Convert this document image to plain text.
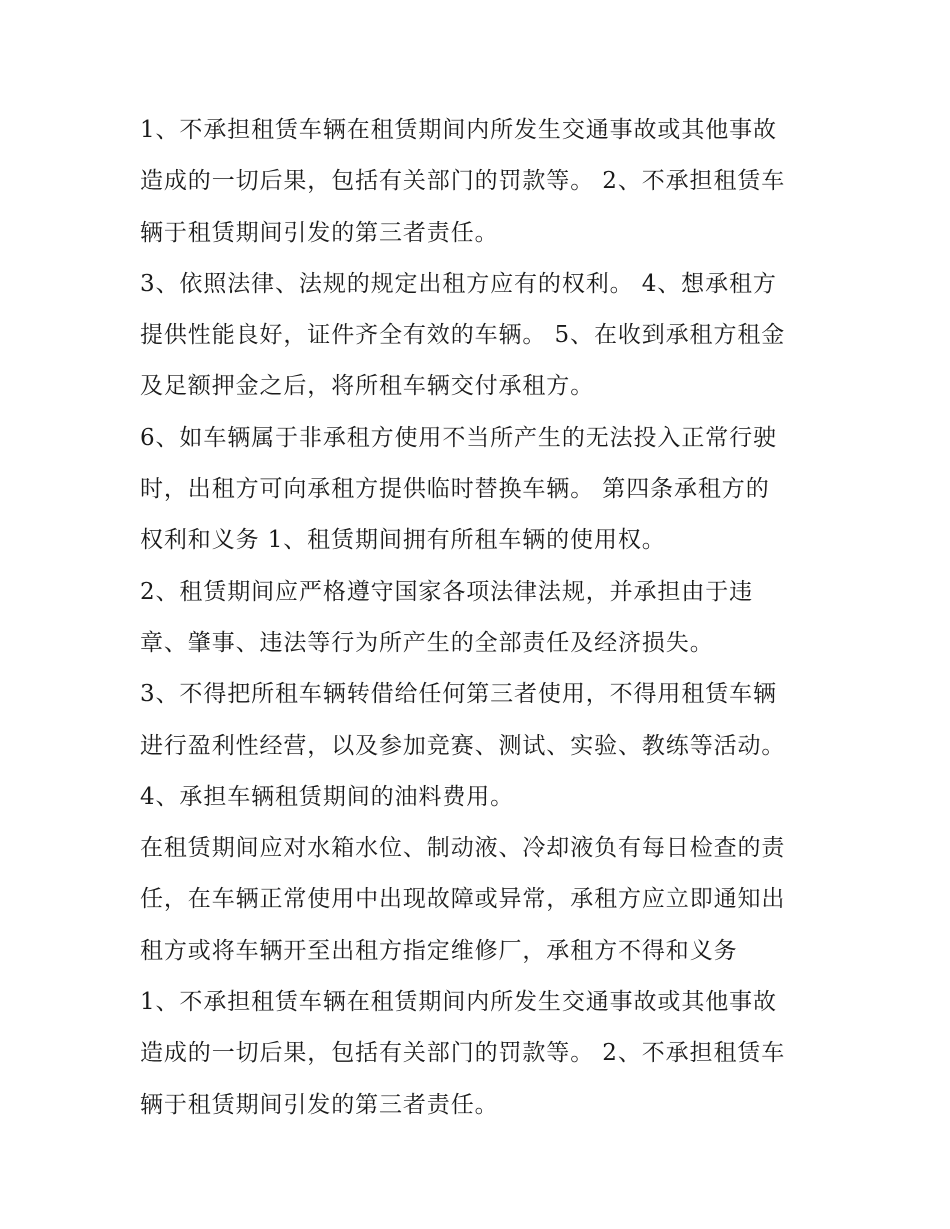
1、不承担租赁车辆在租赁期间内所发生交通事故或其他事故
造成的一切后果，包括有关部门的罚款等。 2、不承担租赁车
辆于租赁期间引发的第三者责任。

3、依照法律、法规的规定出租方应有的权利。 4、想承租方
提供性能良好，证件齐全有效的车辆。 5、在收到承租方租金
及足额押金之后，将所租车辆交付承租方。

6、如车辆属于非承租方使用不当所产生的无法投入正常行驶
时，出租方可向承租方提供临时替换车辆。 第四条承租方的
权利和义务 1、租赁期间拥有所租车辆的使用权。

2、租赁期间应严格遵守国家各项法律法规，并承担由于违
章、肇事、违法等行为所产生的全部责任及经济损失。

3、不得把所租车辆转借给任何第三者使用，不得用租赁车辆
进行盈利性经营，以及参加竞赛、测试、实验、教练等活动。

4、承担车辆租赁期间的油料费用。

在租赁期间应对水箱水位、制动液、冷却液负有每日检查的责
任，在车辆正常使用中出现故障或异常，承租方应立即通知出
租方或将车辆开至出租方指定维修厂，承租方不得和义务

1、不承担租赁车辆在租赁期间内所发生交通事故或其他事故
造成的一切后果，包括有关部门的罚款等。 2、不承担租赁车
辆于租赁期间引发的第三者责任。
